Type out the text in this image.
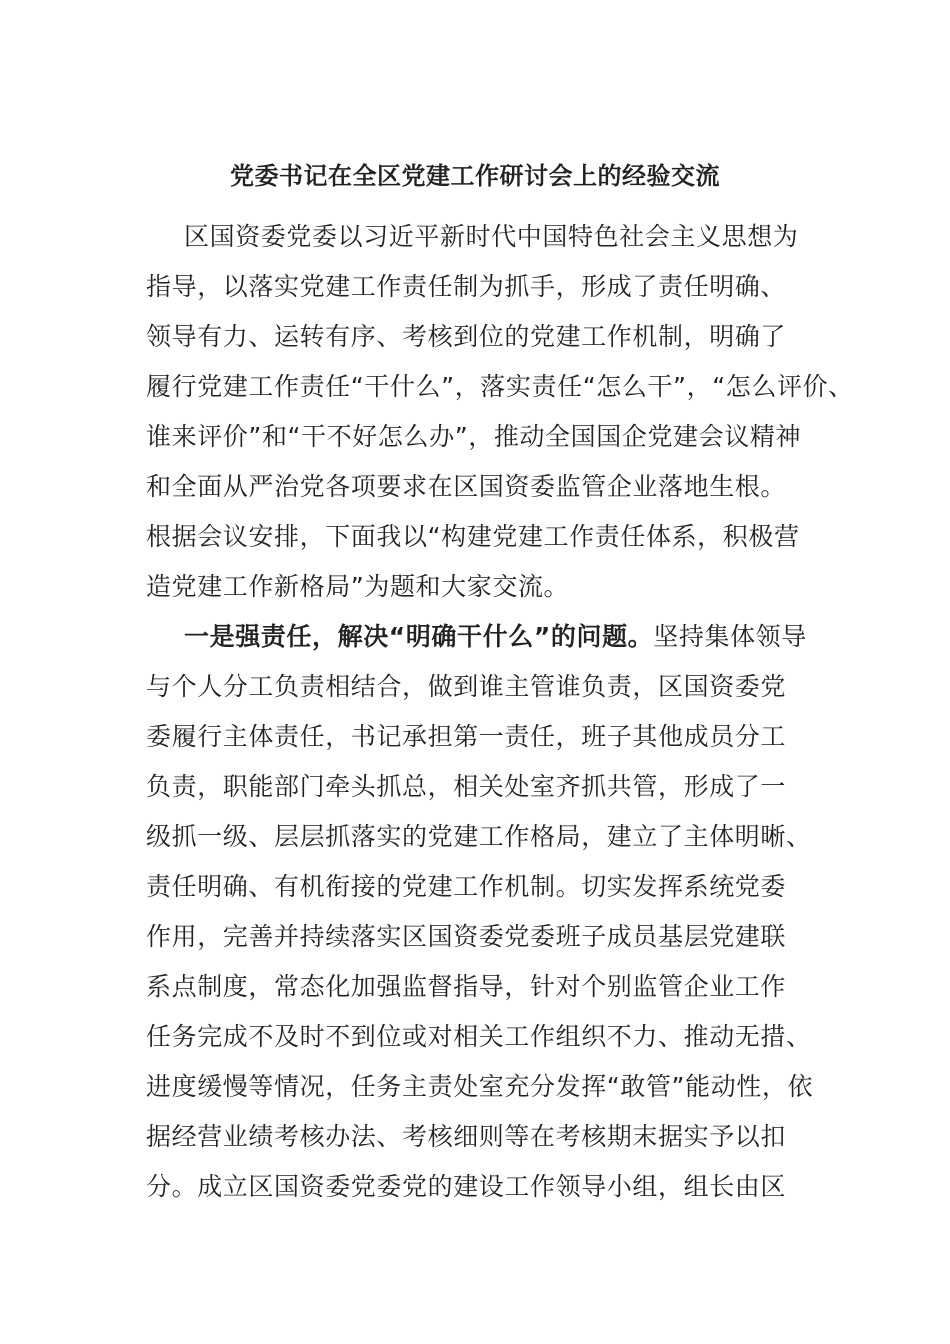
党委书记在全区党建工作研讨会上的经验交流
区国资委党委以习近平新时代中国特色社会主义思想为
指导，以落实党建工作责任制为抓手，形成了责任明确、
领导有力、运转有序、考核到位的党建工作机制，明确了
履行党建工作责任“干什么”，落实责任“怎么干”，“怎么评价、
谁来评价”和“干不好怎么办”，推动全国国企党建会议精神
和全面从严治党各项要求在区国资委监管企业落地生根。
根据会议安排，下面我以“构建党建工作责任体系，积极营
造党建工作新格局”为题和大家交流。
一是强责任，解决“明确干什么”的问题。坚持集体领导
与个人分工负责相结合，做到谁主管谁负责，区国资委党
委履行主体责任，书记承担第一责任，班子其他成员分工
负责，职能部门牵头抓总，相关处室齐抓共管，形成了一
级抓一级、层层抓落实的党建工作格局，建立了主体明晰、
责任明确、有机衔接的党建工作机制。切实发挥系统党委
作用，完善并持续落实区国资委党委班子成员基层党建联
系点制度，常态化加强监督指导，针对个别监管企业工作
任务完成不及时不到位或对相关工作组织不力、推动无措、
进度缓慢等情况，任务主责处室充分发挥“敢管”能动性，依
据经营业绩考核办法、考核细则等在考核期末据实予以扣
分。成立区国资委党委党的建设工作领导小组，组长由区
